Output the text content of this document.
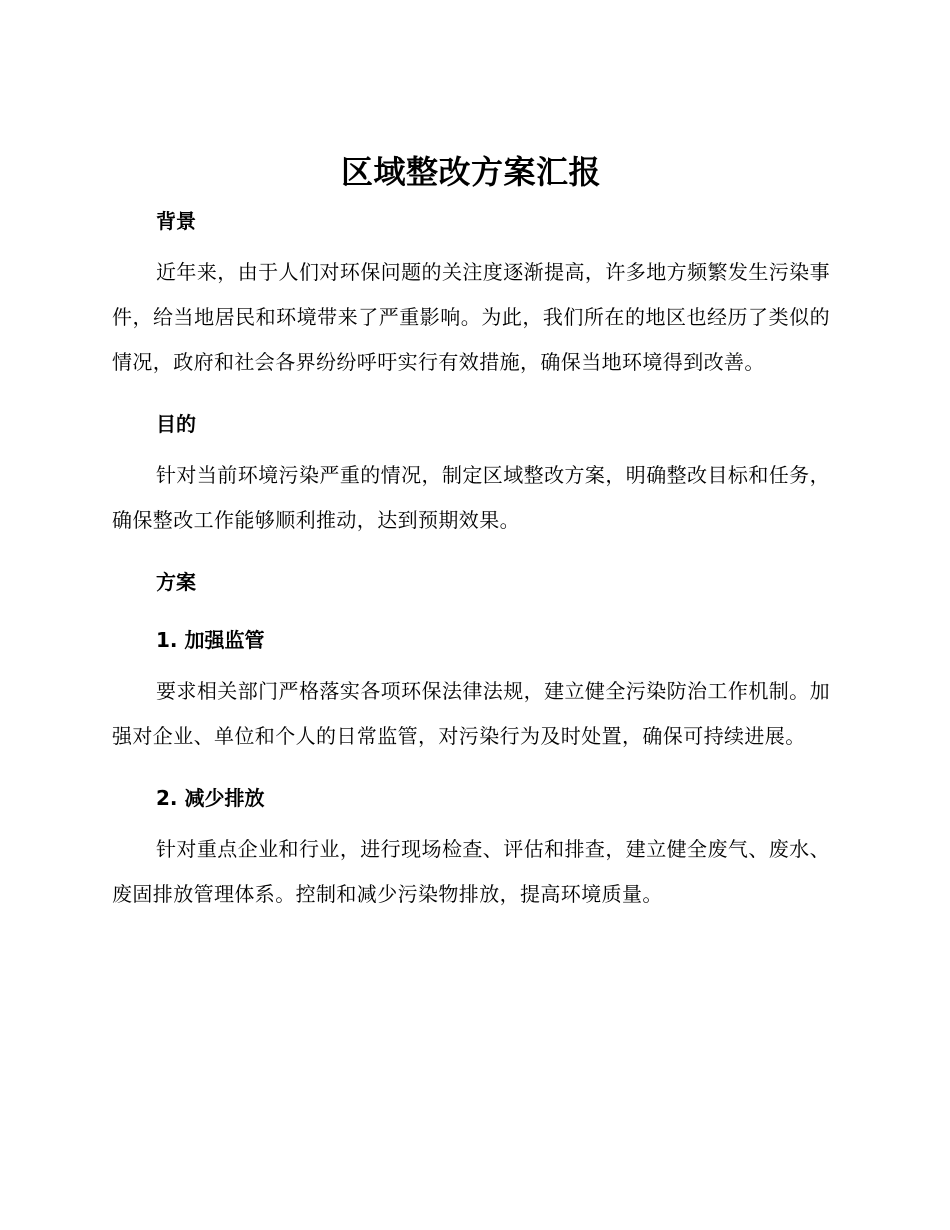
区域整改方案汇报
背景

近年来，由于人们对环保问题的关注度逐渐提高，许多地方频繁发生污染事件，给当地居民和环境带来了严重影响。为此，我们所在的地区也经历了类似的情况，政府和社会各界纷纷呼吁实行有效措施，确保当地环境得到改善。

目的

针对当前环境污染严重的情况，制定区域整改方案，明确整改目标和任务，确保整改工作能够顺利推动，达到预期效果。

方案
1. 加强监管

要求相关部门严格落实各项环保法律法规，建立健全污染防治工作机制。加强对企业、单位和个人的日常监管，对污染行为及时处置，确保可持续进展。

2. 减少排放

针对重点企业和行业，进行现场检查、评估和排查，建立健全废气、废水、废固排放管理体系。控制和减少污染物排放，提高环境质量。
